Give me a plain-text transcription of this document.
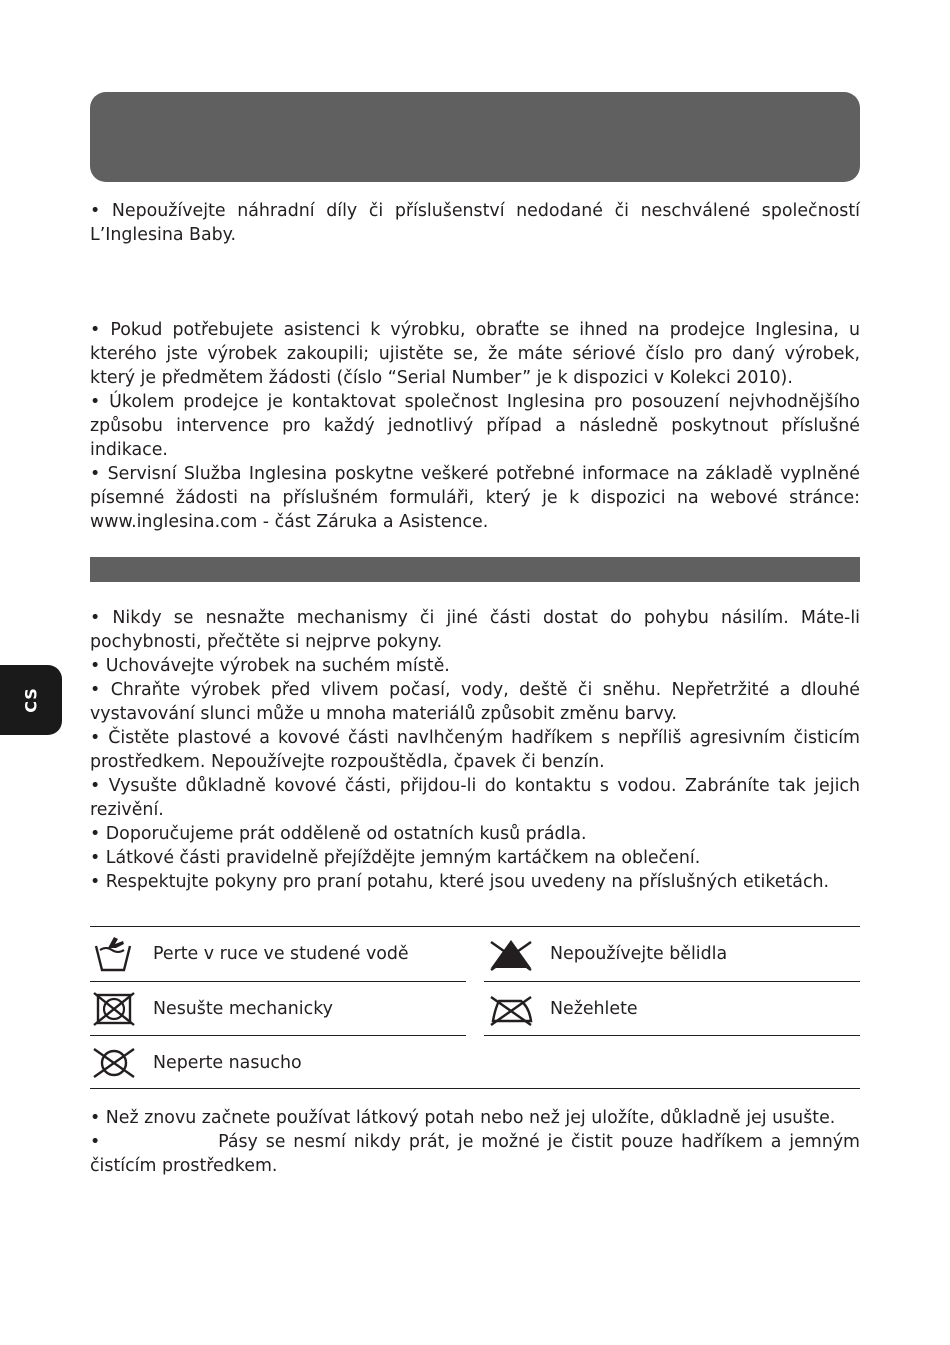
• Nepoužívejte náhradní díly či příslušenství nedodané či neschválené společností L’Inglesina Baby.

• Pokud potřebujete asistenci k výrobku, obraťte se ihned na prodejce Inglesina, u kterého jste výrobek zakoupili; ujistěte se, že máte sériové číslo pro daný výrobek, který je předmětem žádosti (číslo “Serial Number” je k dispozici v Kolekci 2010).

• Úkolem prodejce je kontaktovat společnost Inglesina pro posouzení nejvhodnějšího způsobu intervence pro každý jednotlivý případ a následně poskytnout příslušné indikace.

• Servisní Služba Inglesina poskytne veškeré potřebné informace na základě vyplněné písemné žádosti na příslušném formuláři, který je k dispozici na webové stránce: www.inglesina.com - část Záruka a Asistence.

CS

• Nikdy se nesnažte mechanismy či jiné části dostat do pohybu násilím. Máte-li pochybnosti, přečtěte si nejprve pokyny.

• Uchovávejte výrobek na suchém místě.

• Chraňte výrobek před vlivem počasí, vody, deště či sněhu. Nepřetržité a dlouhé vystavování slunci může u mnoha materiálů způsobit změnu barvy.

• Čistěte plastové a kovové části navlhčeným hadříkem s nepříliš agresivním čisticím prostředkem. Nepoužívejte rozpouštědla, čpavek či benzín.

• Vysušte důkladně kovové části, přijdou-li do kontaktu s vodou. Zabráníte tak jejich rezivění.

• Doporučujeme prát odděleně od ostatních kusů prádla.

• Látkové části pravidelně přejíždějte jemným kartáčkem na oblečení.

• Respektujte pokyny pro praní potahu, které jsou uvedeny na příslušných etiketách.

Perte v ruce ve studené vodě	Nepoužívejte bělidla
Nesušte mechanicky	Nežehlete
Neperte nasucho

• Než znovu začnete používat látkový potah nebo než jej uložíte, důkladně jej usušte.

•               Pásy se nesmí nikdy prát, je možné je čistit pouze hadříkem a jemným čistícím prostředkem.
